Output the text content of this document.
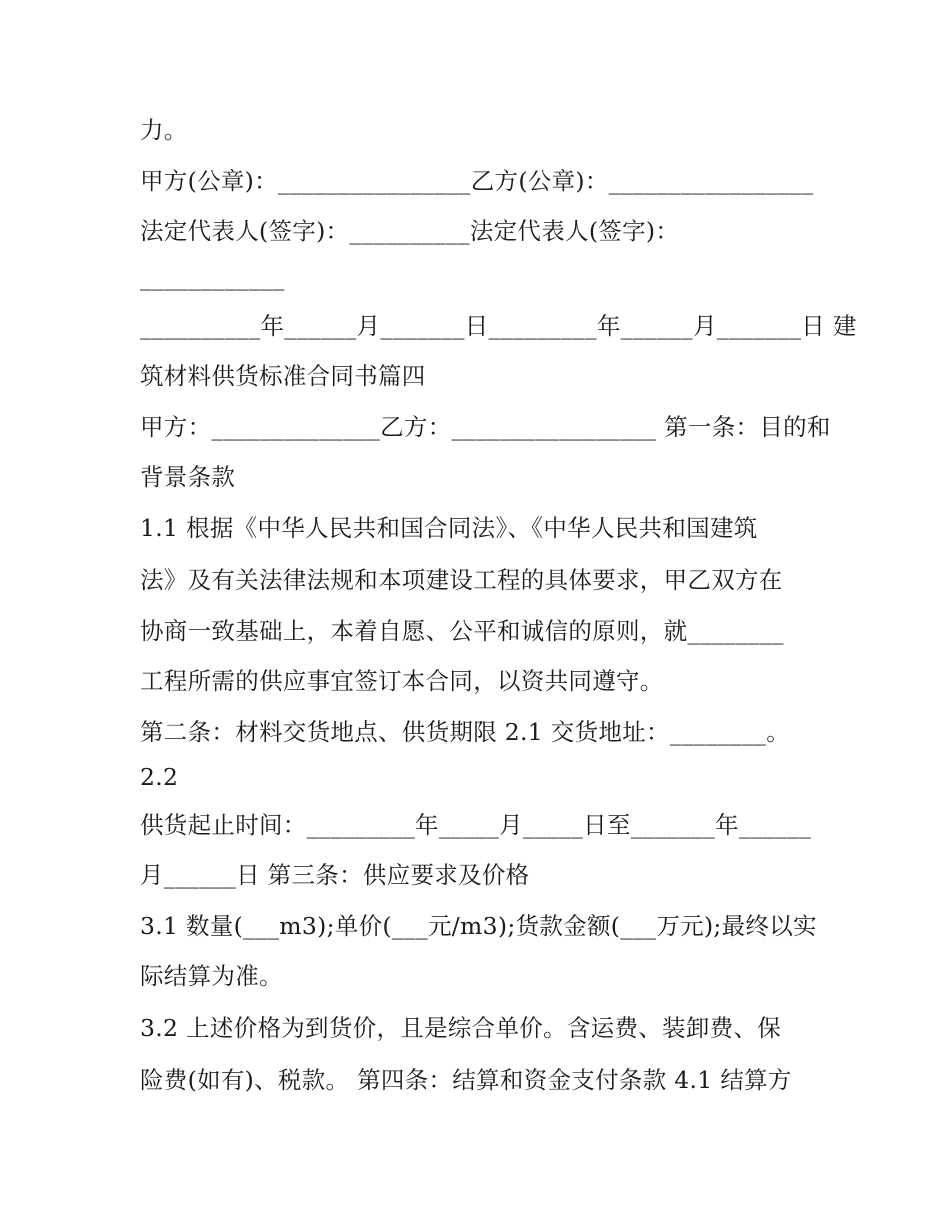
力。
甲方(公章)：________________乙方(公章)：_________________
法定代表人(签字)：__________法定代表人(签字)：
____________
__________年______月_______日_________年______月_______日 建
筑材料供货标准合同书篇四
甲方：______________乙方：_________________ 第一条：目的和
背景条款
1.1 根据《中华人民共和国合同法》、《中华人民共和国建筑
法》及有关法律法规和本项建设工程的具体要求，甲乙双方在
协商一致基础上，本着自愿、公平和诚信的原则，就________
工程所需的供应事宜签订本合同，以资共同遵守。
第二条：材料交货地点、供货期限 2.1 交货地址：________。
2.2
供货起止时间：_________年_____月_____日至_______年______
月______日 第三条：供应要求及价格
3.1 数量(___m3);单价(___元/m3);货款金额(___万元);最终以实
际结算为准。
3.2 上述价格为到货价，且是综合单价。含运费、装卸费、保
险费(如有)、税款。 第四条：结算和资金支付条款 4.1 结算方
